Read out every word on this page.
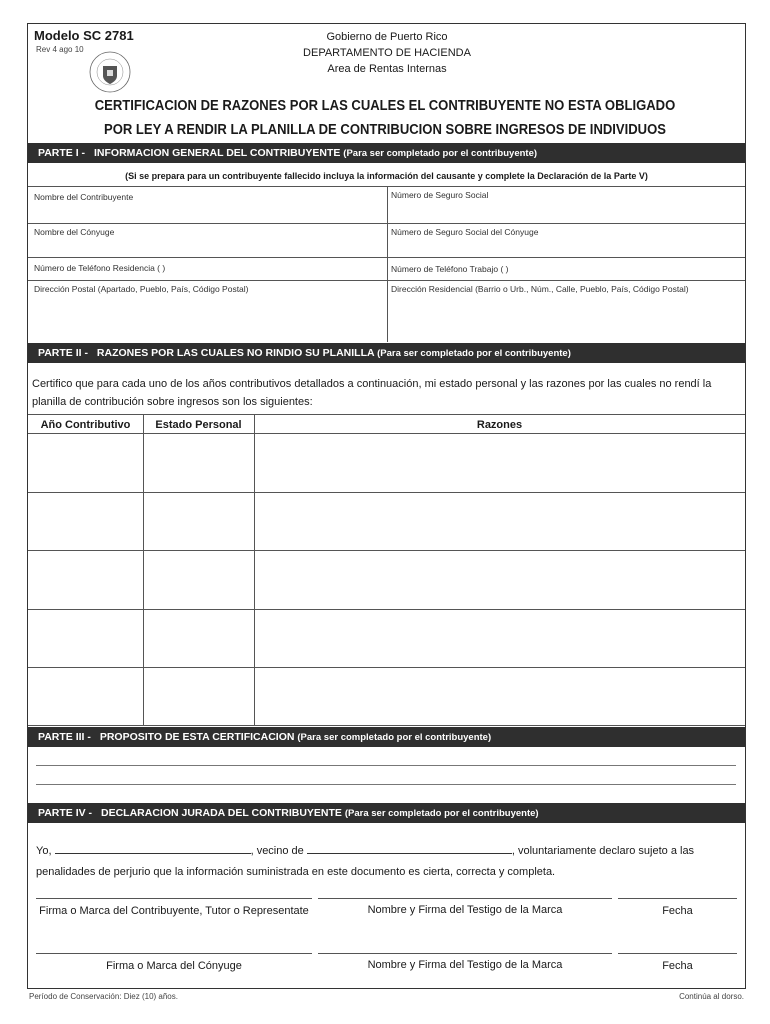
Modelo SC 2781
Rev 4 ago 10
Gobierno de Puerto Rico
DEPARTAMENTO DE HACIENDA
Area de Rentas Internas
CERTIFICACION DE RAZONES POR LAS CUALES EL CONTRIBUYENTE NO ESTA OBLIGADO
POR LEY A RENDIR LA PLANILLA DE CONTRIBUCION SOBRE INGRESOS DE INDIVIDUOS
PARTE I - INFORMACION GENERAL DEL CONTRIBUYENTE (Para ser completado por el contribuyente)
(Si se prepara para un contribuyente fallecido incluya la información del causante y complete la Declaración de la Parte V)
Nombre del Contribuyente	Número de Seguro Social
Nombre del Cónyuge	Número de Seguro Social del Cónyuge
Número de Teléfono Residencia ( )	Número de Teléfono Trabajo ( )
Dirección Postal (Apartado, Pueblo, País, Código Postal)	Dirección Residencial (Barrio o Urb., Núm., Calle, Pueblo, País, Código Postal)
PARTE II - RAZONES POR LAS CUALES NO RINDIO SU PLANILLA (Para ser completado por el contribuyente)
Certifico que para cada uno de los años contributivos detallados a continuación, mi estado personal y las razones por las cuales no rendí la planilla de contribución sobre ingresos son los siguientes:
Año Contributivo	Estado Personal	Razones
PARTE III - PROPOSITO DE ESTA CERTIFICACION (Para ser completado por el contribuyente)
PARTE IV - DECLARACION JURADA DEL CONTRIBUYENTE (Para ser completado por el contribuyente)
Yo,	, vecino de	, voluntariamente declaro sujeto a las penalidades de perjurio que la información suministrada en este documento es cierta, correcta y completa.
Firma o Marca del Contribuyente, Tutor o Representate	Nombre y Firma del Testigo de la Marca	Fecha
Firma o Marca del Cónyuge	Nombre y Firma del Testigo de la Marca	Fecha
Período de Conservación: Diez (10) años.	Continúa al dorso.
